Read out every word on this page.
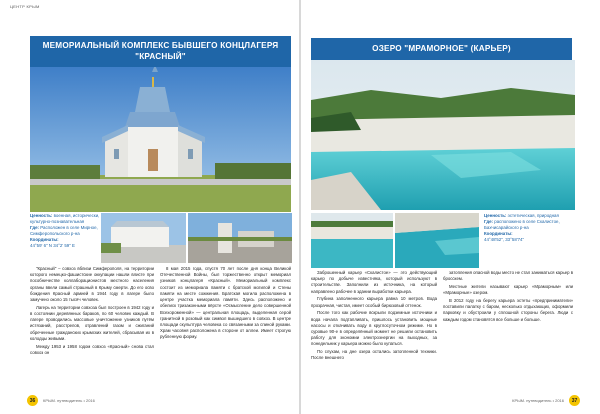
ЦЕНТР КРЫМ
МЕМОРИАЛЬНЫЙ КОМПЛЕКС БЫВШЕГО КОНЦЛАГЕРЯ "КРАСНЫЙ"
Ценность: военная, исторически, культурно-познавательная
Где: Расположен в селе Мирное, Симферопольского р-на
Координаты:
44°59' 6" N 34°2' 59" E

"Красный" – совхоз вблизи Симферополя, на территории которого немецко-фашистские оккупации нашли влисте при пособничестве коллаборационистов местного населения органы ввели самый страшный в Крыму смерти. До его осво бождения Красный армией в 1944 году в лагере было замучено около 15 тысяч человек.

Лагерь на территории совхоза был построен в 1942 году и в состоянии деревянных бараков, по 60 человек каждый. В лагере проводились массовые уничтожение узников путём истязаний, расстрелов, отравлений газом и сжиганий обреченные гражданских крымских жителей, сбрасывая их в колодцы живыми.

Между 1953 и 1958 годом совхоз «Красный» снова стал совхоз он

8 мая 2015 года, спустя 70 лет после дня конца Великой Отечественной Войны, был торжественно открыт мемориал узников концлагеря «Красный». Мемориальный комплекс состоит из мемориала памяти с братской могилой и Стены памяти на месте сожжения. Братская могила расположена в центре участка мемориала памяти. Здесь расположено и обелиск тризаконными вёрсте «Осмысление дело совершенной Всехороменной» — центральная площадь, выделенная серой гранитной в розовый как символ вышедшего в совхоз. В центре площади скульптура человека со связанными за спиной руками. Храм часовня расположена в стороне от аллеи. Имеет строгую рубленную форму.

36	КРЫМ. путеводитель • 2016
ОЗЕРО "МРАМОРНОЕ" (КАРЬЕР)
Ценность: эстетическая, природная
Где: расположено в селе Скалистое, Бахчисарайского р-на
Координаты:
44°48'52", 33°58'74"

Заброшенный карьер «Скалистое» — это действующий карьер по добыче известняка, который используют в строительстве. Заполнили из источника, на который направлено рабочее в здании выработки карьера.

Глубина заполненного карьера равна 10 метров. Вода прозрачная, чистая, имеет особый бирюзовый оттенок.

После того как рабочие вскрыли подземные источники и вода начала подтапливать, пришлось установить мощные насосы и откачивать воду в круглосуточном режиме. Но в суровые 90-е в определённый момент не решили остановить работу для экономии электроэнергии на выходных, за понедельник у карьера можно было купаться.

По слухам, на дне озера остались затопленной техники. После внешнего

затопления опасной воды место не стал заниматься карьер в бросскем.

Местные жители называют карьер «Мраморным» или «Мраморные» озером.

В 2012 году на берегу карьера эстеты «предприниматели» поставили палатку с баром, несколько отдыхающих, оформили парковку и обустроили у сплошной стороны берега. Люди с каждым годом становятся все больше и больше.

КРЫМ. путеводитель • 2016	37
